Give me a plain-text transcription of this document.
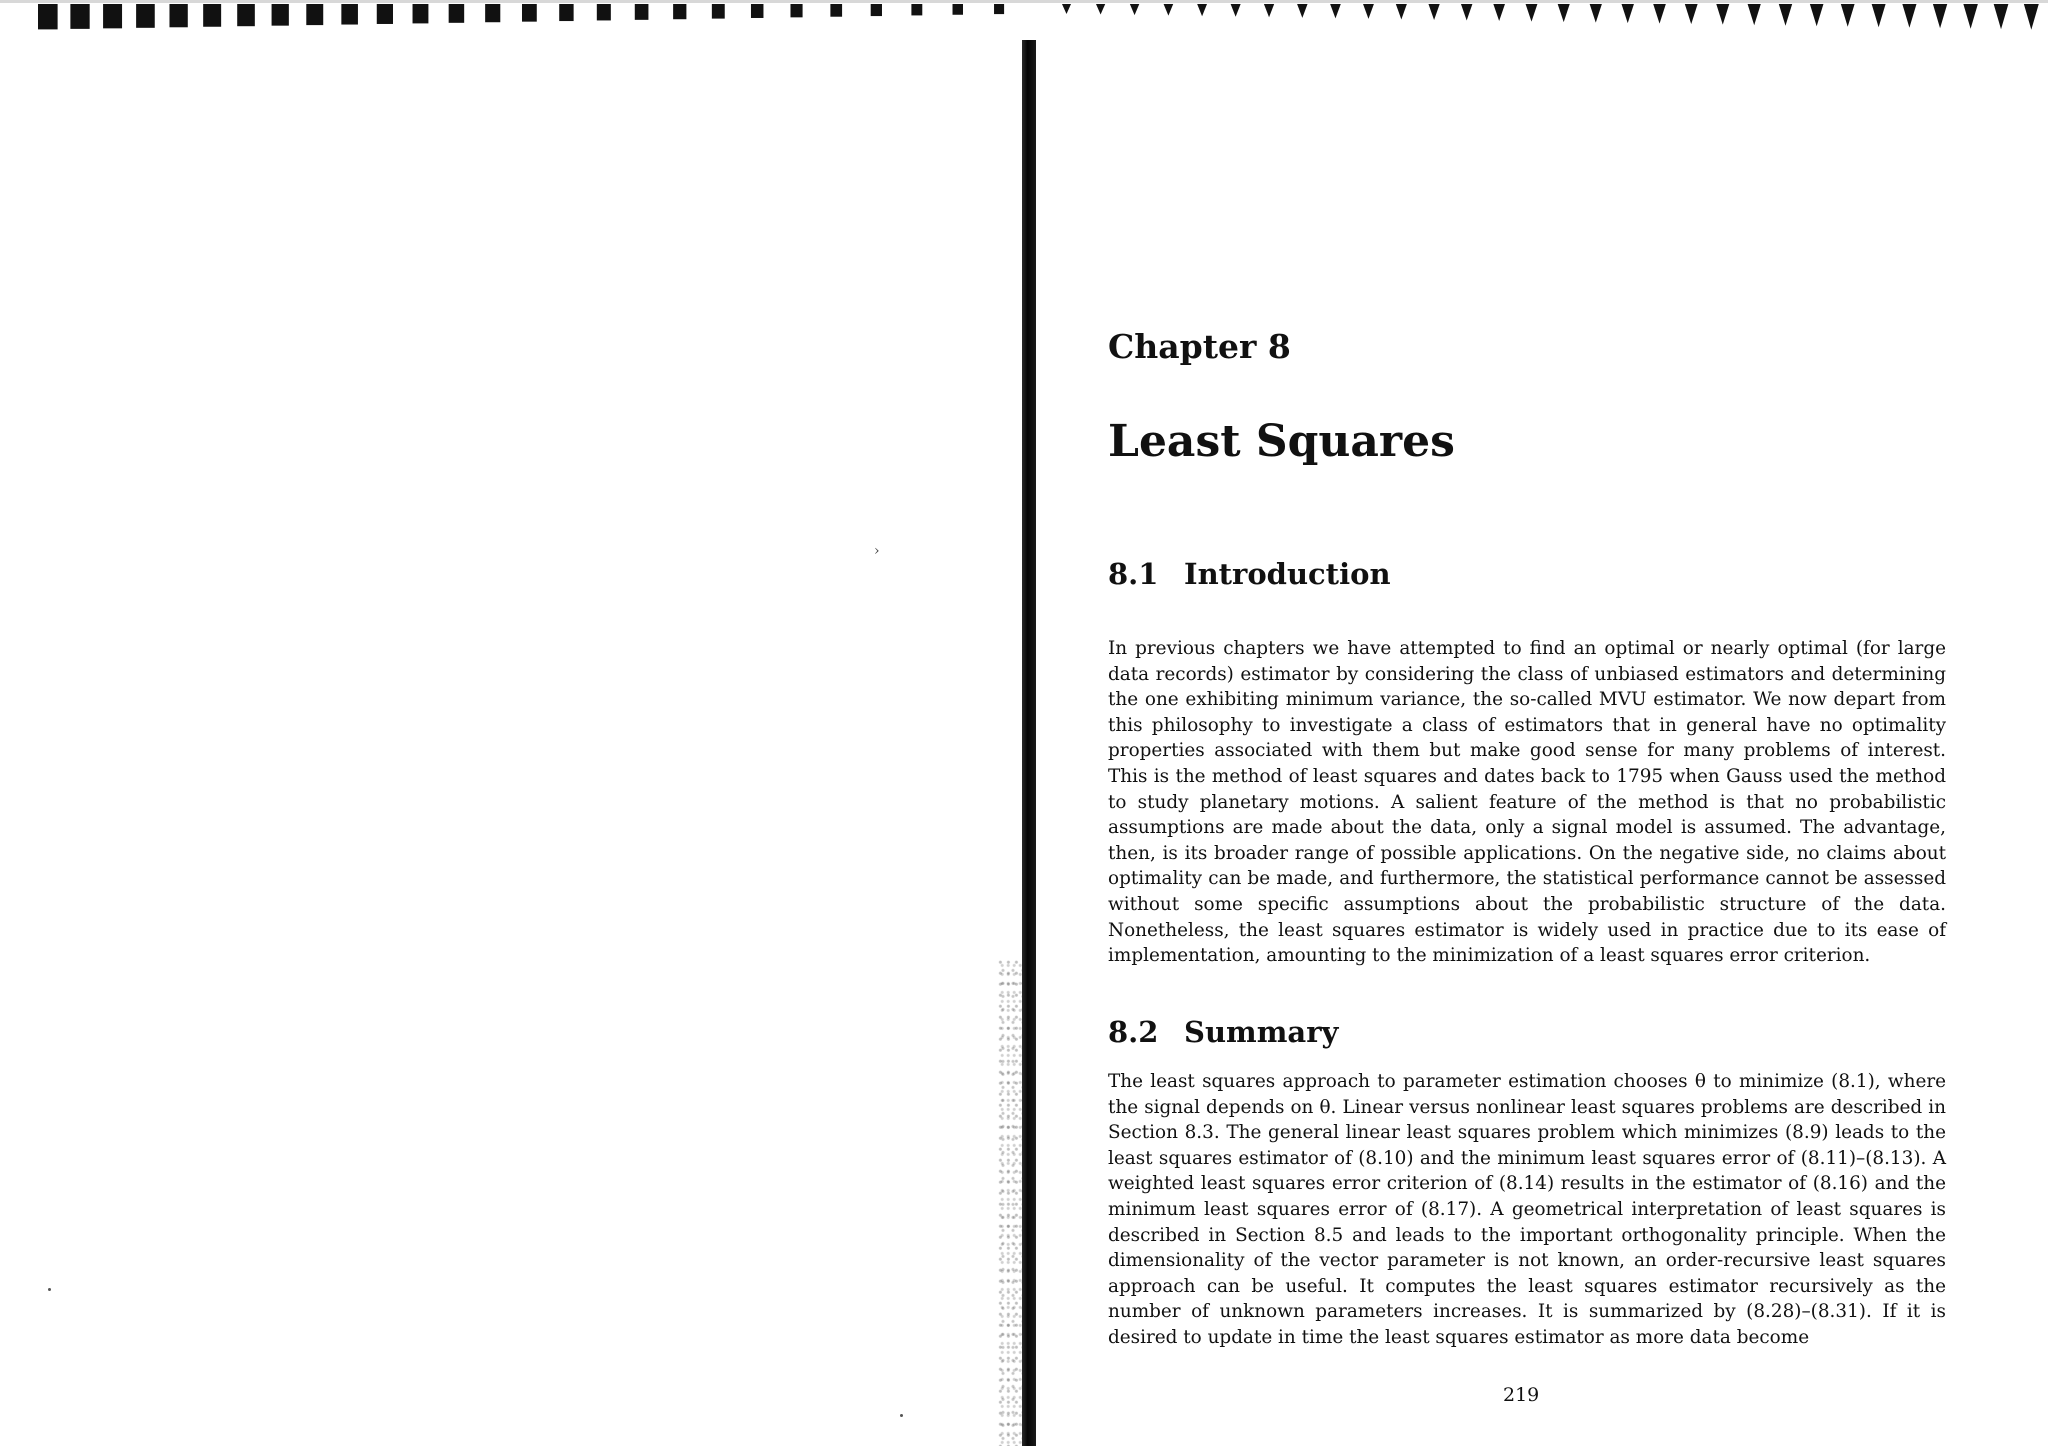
›
Chapter 8
Least Squares
8.1 Introduction

In previous chapters we have attempted to find an optimal or nearly optimal (for large data records) estimator by considering the class of unbiased estimators and determining the one exhibiting minimum variance, the so-called MVU estimator. We now depart from this philosophy to investigate a class of estimators that in general have no optimality properties associated with them but make good sense for many problems of interest. This is the method of least squares and dates back to 1795 when Gauss used the method to study planetary motions. A salient feature of the method is that no probabilistic assumptions are made about the data, only a signal model is assumed. The advantage, then, is its broader range of possible applications. On the negative side, no claims about optimality can be made, and furthermore, the statistical performance cannot be assessed without some specific assumptions about the probabilistic structure of the data. Nonetheless, the least squares estimator is widely used in practice due to its ease of implementation, amounting to the minimization of a least squares error criterion.

8.2 Summary

The least squares approach to parameter estimation chooses θ to minimize (8.1), where the signal depends on θ. Linear versus nonlinear least squares problems are described in Section 8.3. The general linear least squares problem which minimizes (8.9) leads to the least squares estimator of (8.10) and the minimum least squares error of (8.11)–(8.13). A weighted least squares error criterion of (8.14) results in the estimator of (8.16) and the minimum least squares error of (8.17). A geometrical interpretation of least squares is described in Section 8.5 and leads to the important orthogonality principle. When the dimensionality of the vector parameter is not known, an order-recursive least squares approach can be useful. It computes the least squares estimator recursively as the number of unknown parameters increases. It is summarized by (8.28)–(8.31). If it is desired to update in time the least squares estimator as more data become

219
